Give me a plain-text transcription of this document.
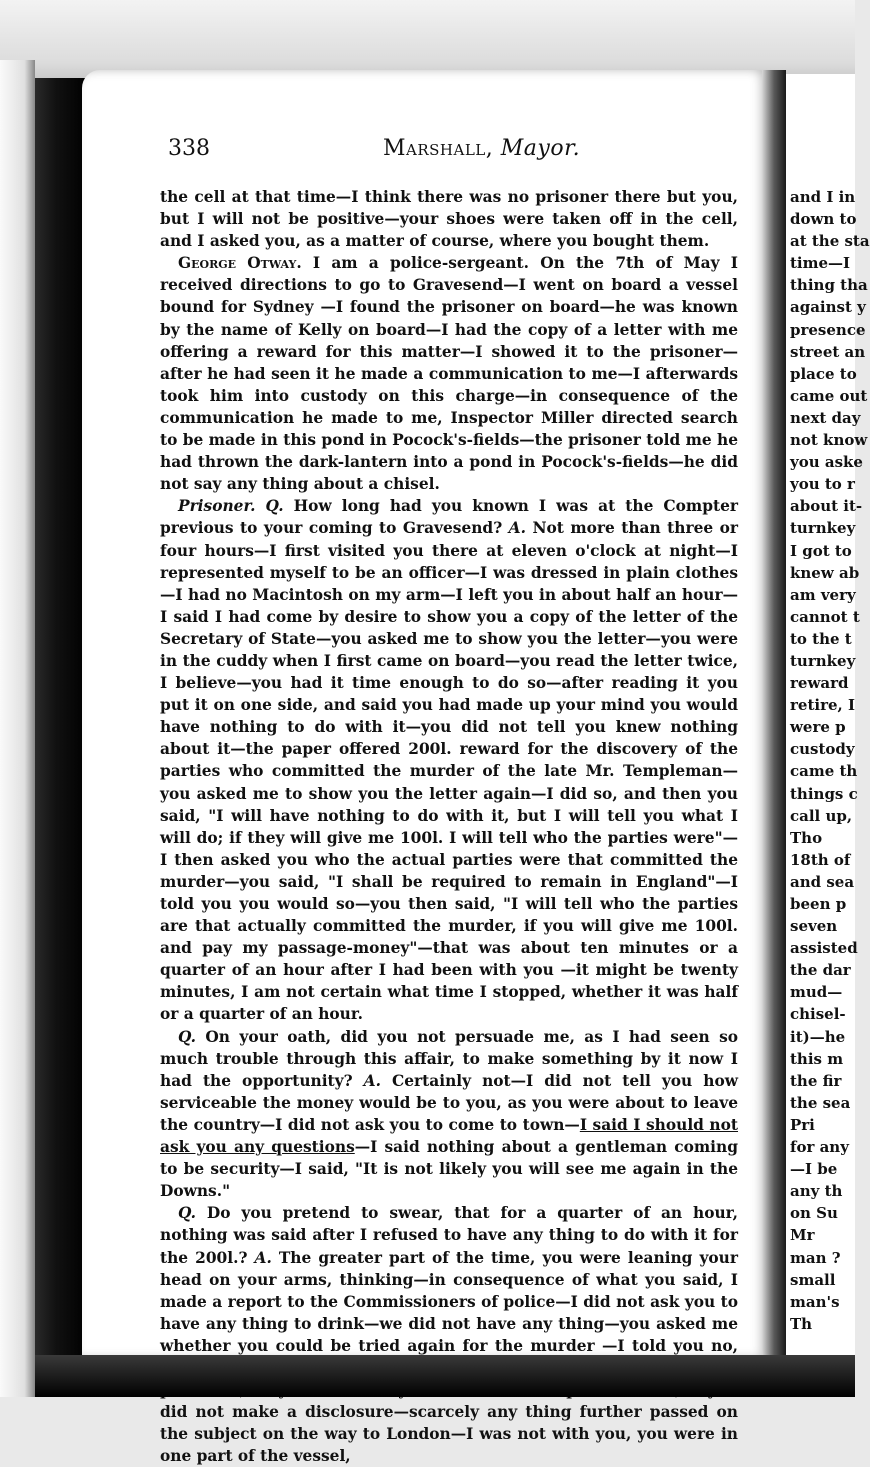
338	Marshall, Mayor.

the cell at that time—I think there was no prisoner there but you, but I will not be positive—your shoes were taken off in the cell, and I asked you, as a matter of course, where you bought them.

George Otway. I am a police-sergeant. On the 7th of May I received directions to go to Gravesend—I went on board a vessel bound for Sydney —I found the prisoner on board—he was known by the name of Kelly on board—I had the copy of a letter with me offering a reward for this matter—I showed it to the prisoner—after he had seen it he made a communication to me—I afterwards took him into custody on this charge—in consequence of the communication he made to me, Inspector Miller directed search to be made in this pond in Pocock's-fields—the prisoner told me he had thrown the dark-lantern into a pond in Pocock's-fields—he did not say any thing about a chisel.

Prisoner. Q. How long had you known I was at the Compter previous to your coming to Gravesend? A. Not more than three or four hours—I first visited you there at eleven o'clock at night—I represented myself to be an officer—I was dressed in plain clothes—I had no Macintosh on my arm—I left you in about half an hour—I said I had come by desire to show you a copy of the letter of the Secretary of State—you asked me to show you the letter—you were in the cuddy when I first came on board—you read the letter twice, I believe—you had it time enough to do so—after reading it you put it on one side, and said you had made up your mind you would have nothing to do with it—you did not tell you knew nothing about it—the paper offered 200l. reward for the discovery of the parties who committed the murder of the late Mr. Templeman—you asked me to show you the letter again—I did so, and then you said, "I will have nothing to do with it, but I will tell you what I will do; if they will give me 100l. I will tell who the parties were"—I then asked you who the actual parties were that committed the murder—you said, "I shall be required to remain in England"—I told you you would so—you then said, "I will tell who the parties are that actually committed the murder, if you will give me 100l. and pay my passage-money"—that was about ten minutes or a quarter of an hour after I had been with you —it might be twenty minutes, I am not certain what time I stopped, whether it was half or a quarter of an hour.

Q. On your oath, did you not persuade me, as I had seen so much trouble through this affair, to make something by it now I had the opportunity? A. Certainly not—I did not tell you how serviceable the money would be to you, as you were about to leave the country—I did not ask you to come to town—I said I should not ask you any questions—I said nothing about a gentleman coming to be security—I said, "It is not likely you will see me again in the Downs."

Q. Do you pretend to swear, that for a quarter of an hour, nothing was said after I refused to have any thing to do with it for the 200l.? A. The greater part of the time, you were leaning your head on your arms, thinking—in consequence of what you said, I made a report to the Commissioners of police—I did not ask you to have any thing to drink—we did not have any thing—you asked me whether you could be tried again for the murder —I told you no, did not make a disclosure—scarcely any thing further passed on the subject on the way to London—I was not with you, you were in one part of the vessel,

and I in
down to
at the sta
time—I
thing tha
against y
presence
street an
place to
came out
next day
not know
you aske
you to r
about it-
turnkey
I got to
knew ab
am very
cannot t
to the t
turnkey
reward
retire, I
were p
custody
came th
things c
call up,
Tho
18th of
and sea
been p
seven
assisted
the dar
mud—
chisel-
it)—he
this m
the fir
the sea
Pri
for any
—I be
any th
on Su
Mr
man ?
small
man's
Th
